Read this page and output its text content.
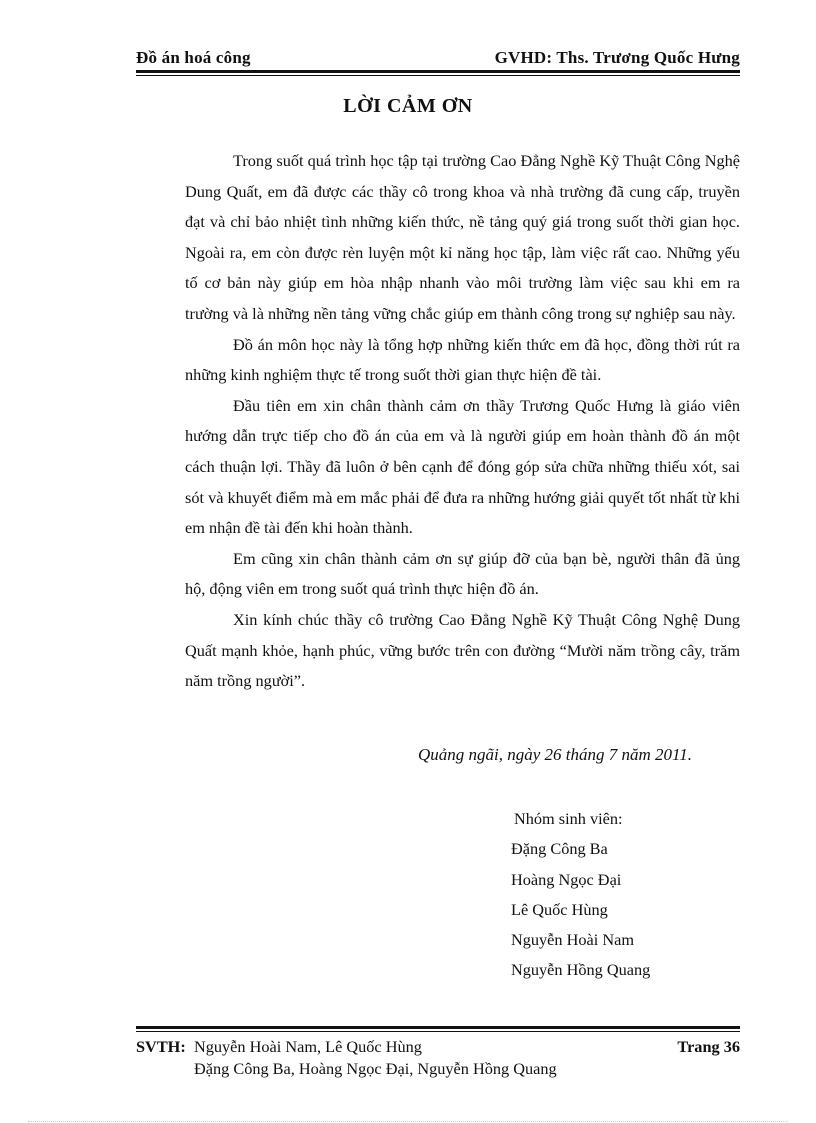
Đồ án hoá công	GVHD: Ths. Trương Quốc Hưng
LỜI CẢM ƠN

Trong suốt quá trình học tập tại trường Cao Đẳng Nghề Kỹ Thuật Công Nghệ Dung Quất, em đã được các thầy cô trong khoa và nhà trường đã cung cấp, truyền đạt và chỉ bảo nhiệt tình những kiến thức, nề tảng quý giá trong suốt thời gian học. Ngoài ra, em còn được rèn luyện một kỉ năng học tập, làm việc rất cao. Những yếu tố cơ bản này giúp em hòa nhập nhanh vào môi trường làm việc sau khi em ra trường và là những nền tảng vững chắc giúp em thành công trong sự nghiệp sau này.

Đồ án môn học này là tổng hợp những kiến thức em đã học, đồng thời rút ra những kinh nghiệm thực tế trong suốt thời gian thực hiện đề tài.

Đầu tiên em xin chân thành cảm ơn thầy Trương Quốc Hưng là giáo viên hướng dẫn trực tiếp cho đồ án của em và là người giúp em hoàn thành đồ án một cách thuận lợi. Thầy đã luôn ở bên cạnh để đóng góp sửa chữa những thiếu xót, sai sót và khuyết điểm mà em mắc phải để đưa ra những hướng giải quyết tốt nhất từ khi em nhận đề tài đến khi hoàn thành.

Em cũng xin chân thành cảm ơn sự giúp đỡ của bạn bè, người thân đã ủng hộ, động viên em trong suốt quá trình thực hiện đồ án.

Xin kính chúc thầy cô trường Cao Đẳng Nghề Kỹ Thuật Công Nghệ Dung Quất mạnh khỏe, hạnh phúc, vững bước trên con đường “Mười năm trồng cây, trăm năm trồng người”.

Quảng ngãi, ngày 26 tháng 7 năm 2011.
Nhóm sinh viên:
Đặng Công Ba
Hoàng Ngọc Đại
Lê Quốc Hùng
Nguyễn Hoài Nam
Nguyễn Hồng Quang
SVTH: Nguyễn Hoài Nam, Lê Quốc Hùng
Đặng Công Ba, Hoàng Ngọc Đại, Nguyễn Hồng Quang
Trang 36
